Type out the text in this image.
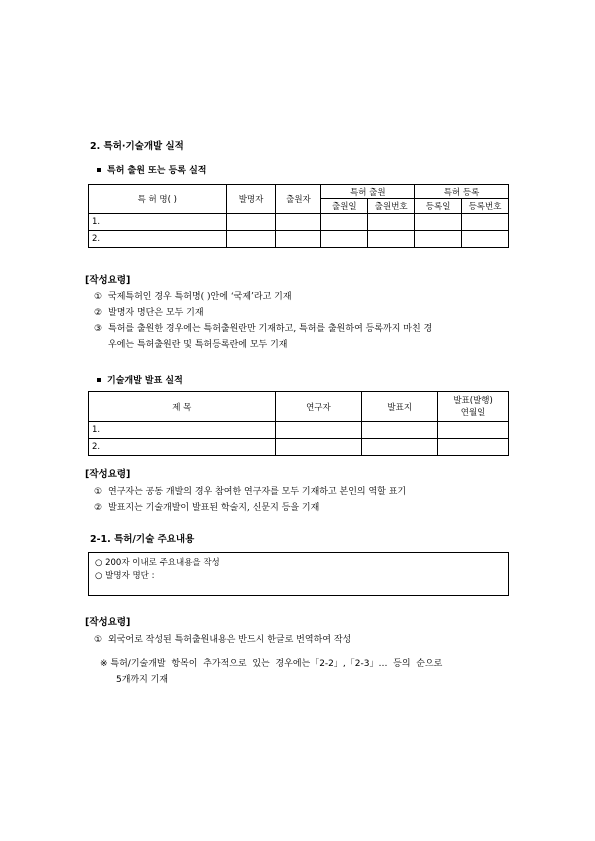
2. 특허·기술개발 실적
특허 출원 또는 등록 실적
특 허 명( )	발명자	출원자	특허 출원		특허 등록	
			출원일	출원번호	등록일	등록번호
1.						
2.						
[작성요령]
① 국제특허인 경우 특허명( )안에 ‘국제’라고 기재
② 발명자 명단은 모두 기재
③ 특허를 출원한 경우에는 특허출원란만 기재하고, 특허를 출원하여 등록까지 마친 경
우에는 특허출원란 및 특허등록란에 모두 기재
기술개발 발표 실적
제 목	연구자	발표지	발표(발행)
연월일
1.			
2.			
[작성요령]
① 연구자는 공동 개발의 경우 참여한 연구자를 모두 기재하고 본인의 역할 표기
② 발표지는 기술개발이 발표된 학술지, 신문지 등을 기재
2-1. 특허/기술 주요내용
○ 200자 이내로 주요내용을 작성
○ 발명자 명단 :
[작성요령]
① 외국어로 작성된 특허출원내용은 반드시 한글로 번역하여 작성
※ 특허/기술개발  항목이  추가적으로  있는  경우에는「2-2」,「2-3」…  등의  순으로
5개까지 기재
